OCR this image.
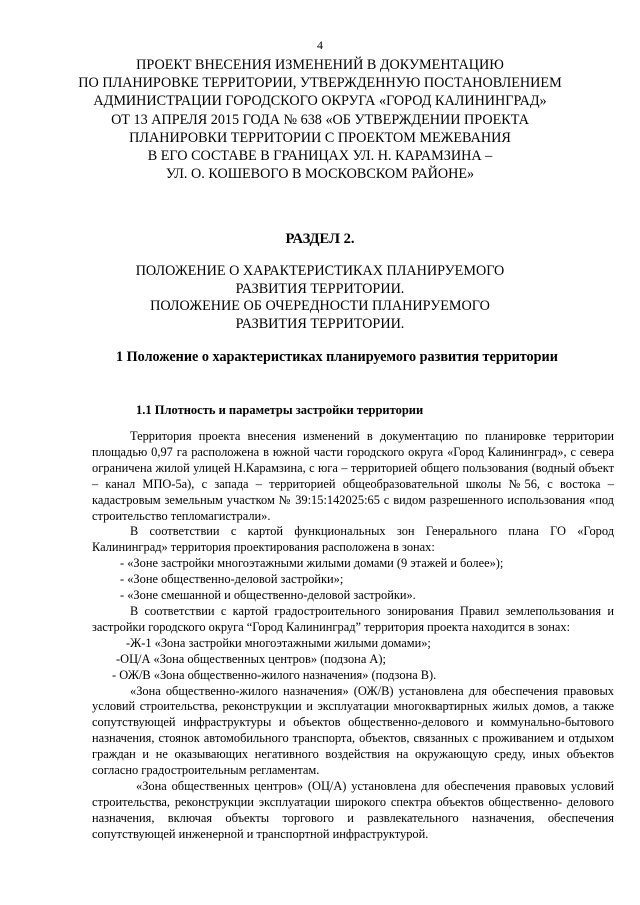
4
ПРОЕКТ ВНЕСЕНИЯ ИЗМЕНЕНИЙ В ДОКУМЕНТАЦИЮ
ПО ПЛАНИРОВКЕ ТЕРРИТОРИИ, УТВЕРЖДЕННУЮ ПОСТАНОВЛЕНИЕМ
АДМИНИСТРАЦИИ ГОРОДСКОГО ОКРУГА «ГОРОД КАЛИНИНГРАД»
ОТ 13 АПРЕЛЯ 2015 ГОДА № 638 «ОБ УТВЕРЖДЕНИИ ПРОЕКТА
ПЛАНИРОВКИ ТЕРРИТОРИИ С ПРОЕКТОМ МЕЖЕВАНИЯ
В ЕГО СОСТАВЕ В ГРАНИЦАХ УЛ. Н. КАРАМЗИНА –
УЛ. О. КОШЕВОГО В МОСКОВСКОМ РАЙОНЕ»
РАЗДЕЛ 2.
ПОЛОЖЕНИЕ О ХАРАКТЕРИСТИКАХ ПЛАНИРУЕМОГО
РАЗВИТИЯ ТЕРРИТОРИИ.
ПОЛОЖЕНИЕ ОБ ОЧЕРЕДНОСТИ ПЛАНИРУЕМОГО
РАЗВИТИЯ ТЕРРИТОРИИ.
1 Положение о характеристиках планируемого развития территории
1.1 Плотность и параметры застройки территории

Территория проекта внесения изменений в документацию по планировке территории площадью 0,97 га расположена в южной части городского округа «Город Калининград», с севера ограничена жилой улицей Н.Карамзина, с юга – территорией общего пользования (водный объект – канал МПО-5а), с запада – территорией общеобразовательной школы №56, с востока – кадастровым земельным участком № 39:15:142025:65 с видом разрешенного использования «под строительство тепломагистрали».

В соответствии с картой функциональных зон Генерального плана ГО «Город Калининград» территория проектирования расположена в зонах:

- «Зоне застройки многоэтажными жилыми домами (9 этажей и более»);

- «Зоне общественно-деловой застройки»;

- «Зоне смешанной и общественно-деловой застройки».

В соответствии с картой градостроительного зонирования Правил землепользования и застройки городского округа “Город Калининград” территория проекта находится в зонах:

-Ж-1 «Зона застройки многоэтажными жилыми домами»;

-ОЦ/А «Зона общественных центров» (подзона А);

- ОЖ/В «Зона общественно-жилого назначения» (подзона В).

«Зона общественно-жилого назначения» (ОЖ/В) установлена для обеспечения правовых условий строительства, реконструкции и эксплуатации многоквартирных жилых домов, а также сопутствующей инфраструктуры и объектов общественно-делового и коммунально-бытового назначения, стоянок автомобильного транспорта, объектов, связанных с проживанием и отдыхом граждан и не оказывающих негативного воздействия на окружающую среду, иных объектов согласно градостроительным регламентам.

«Зона общественных центров» (ОЦ/А) установлена для обеспечения правовых условий строительства, реконструкции эксплуатации широкого спектра объектов общественно- делового назначения, включая объекты торгового и развлекательного назначения, обеспечения сопутствующей инженерной и транспортной инфраструктурой.
